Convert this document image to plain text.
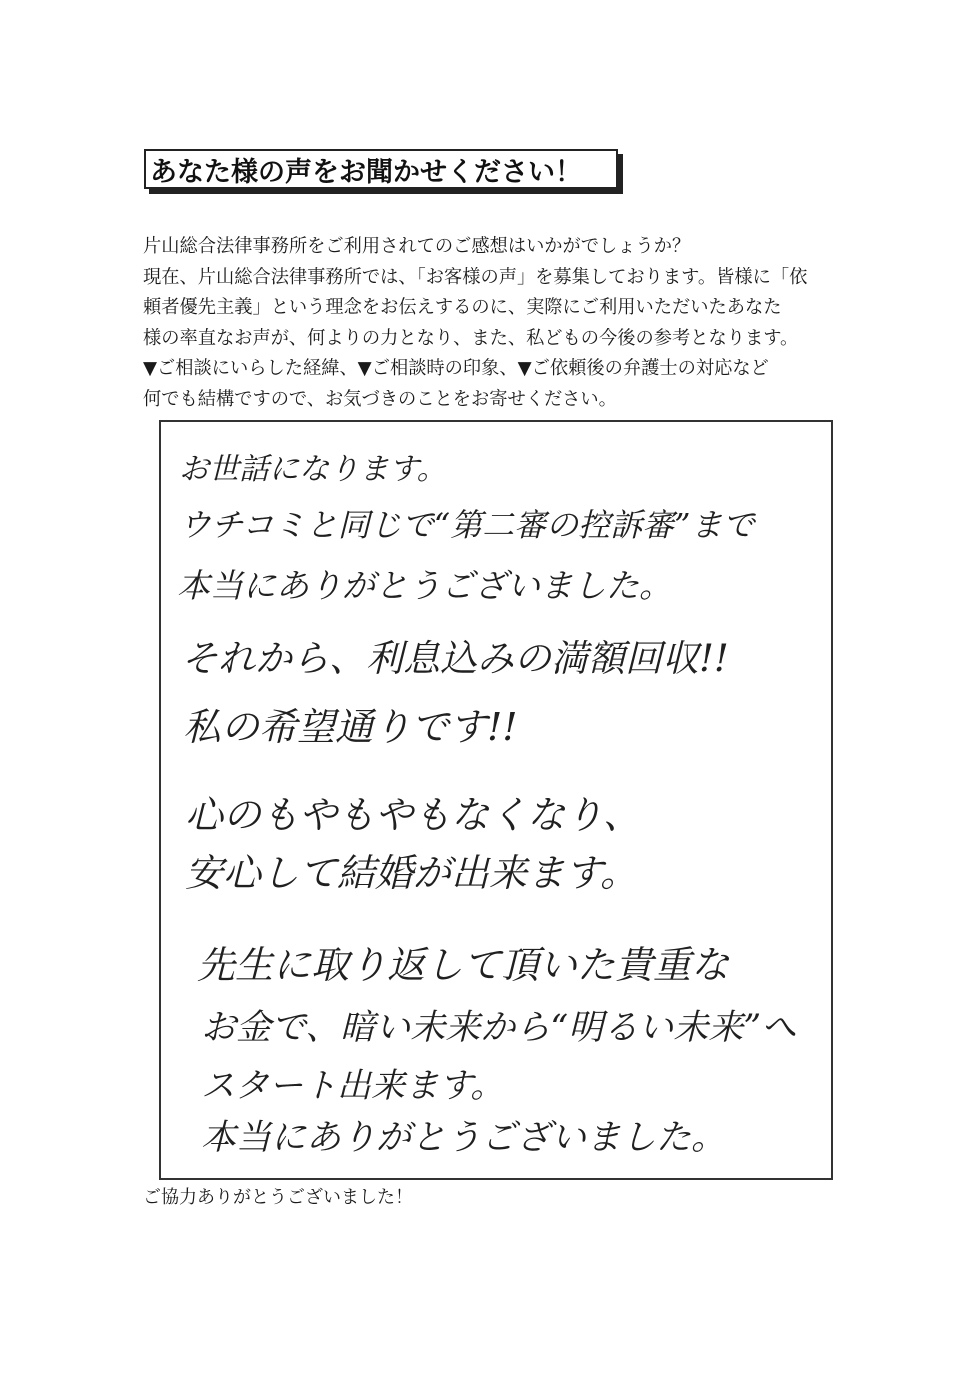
あなた様の声をお聞かせください！
片山総合法律事務所をご利用されてのご感想はいかがでしょうか？
現在、片山総合法律事務所では、「お客様の声」を募集しております。皆様に「依
頼者優先主義」という理念をお伝えするのに、実際にご利用いただいたあなた
様の率直なお声が、何よりの力となり、また、私どもの今後の参考となります。
▼ご相談にいらした経緯、▼ご相談時の印象、▼ご依頼後の弁護士の対応など
何でも結構ですので、お気づきのことをお寄せください。
お世話になります。
ウチコミと同じで“第二審の控訴審”まで
本当にありがとうございました。
それから、利息込みの満額回収!!
私の希望通りです!!
心のもやもやもなくなり、
安心して結婚が出来ます。
先生に取り返して頂いた貴重な
お金で、暗い未来から“明るい未来”へ
スタート出来ます。
本当にありがとうございました。
ご協力ありがとうございました！
